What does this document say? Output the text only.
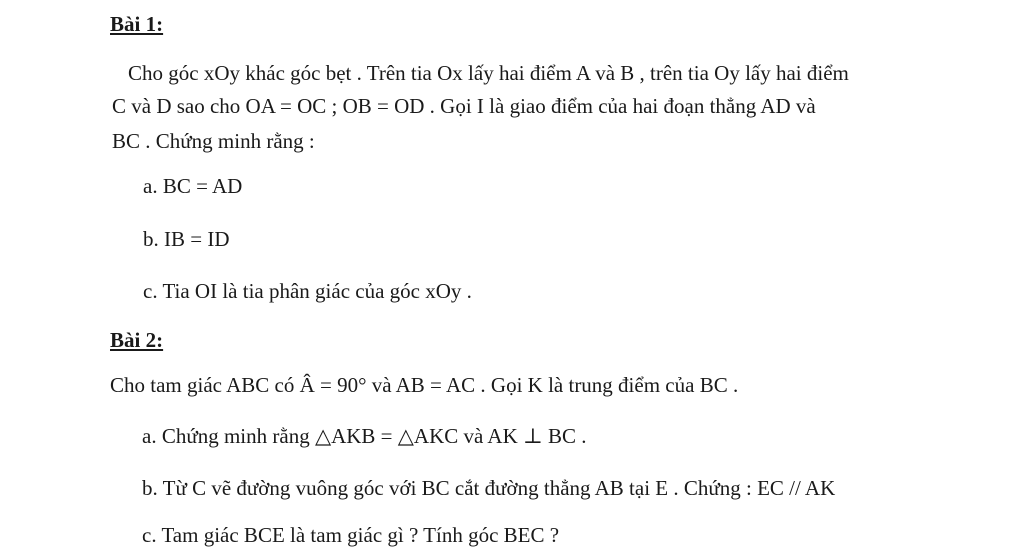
Bài 1:
Cho góc xOy khác góc bẹt . Trên tia Ox lấy hai điểm A và B , trên tia Oy lấy hai điểm
C và D sao cho OA = OC ; OB = OD . Gọi I là giao điểm của hai đoạn thẳng AD và
BC . Chứng minh rằng :
a. BC = AD
b. IB = ID
c. Tia OI là tia phân giác của góc xOy .
Bài 2:
Cho tam giác ABC có Â = 90° và AB = AC . Gọi K là trung điểm của BC .
a. Chứng minh rằng △AKB = △AKC và AK ⊥ BC .
b. Từ C vẽ đường vuông góc với BC cắt đường thẳng AB tại E . Chứng : EC // AK
c. Tam giác BCE là tam giác gì ? Tính góc BEC ?
